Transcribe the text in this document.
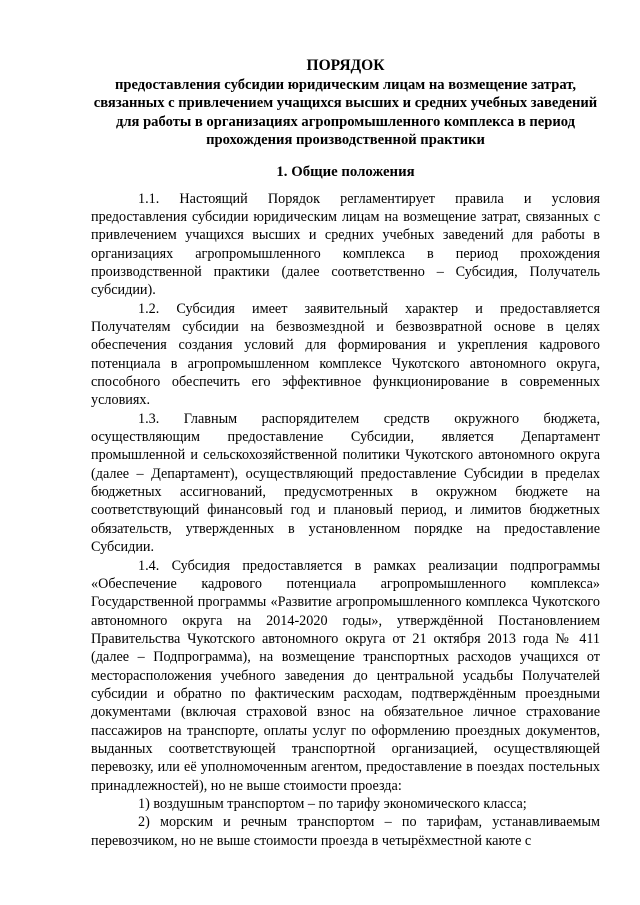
ПОРЯДОК

предоставления субсидии юридическим лицам на возмещение затрат, связанных с привлечением учащихся высших и средних учебных заведений для работы в организациях агропромышленного комплекса в период прохождения производственной практики

1. Общие положения

1.1. Настоящий Порядок регламентирует правила и условия предоставления субсидии юридическим лицам на возмещение затрат, связанных с привлечением учащихся высших и средних учебных заведений для работы в организациях агропромышленного комплекса в период прохождения производственной практики (далее соответственно – Субсидия, Получатель субсидии).

1.2. Субсидия имеет заявительный характер и предоставляется Получателям субсидии на безвозмездной и безвозвратной основе в целях обеспечения создания условий для формирования и укрепления кадрового потенциала в агропромышленном комплексе Чукотского автономного округа, способного обеспечить его эффективное функционирование в современных условиях.

1.3. Главным распорядителем средств окружного бюджета, осуществляющим предоставление Субсидии, является Департамент промышленной и сельскохозяйственной политики Чукотского автономного округа (далее – Департамент), осуществляющий предоставление Субсидии в пределах бюджетных ассигнований, предусмотренных в окружном бюджете на соответствующий финансовый год и плановый период, и лимитов бюджетных обязательств, утвержденных в установленном порядке на предоставление Субсидии.

1.4. Субсидия предоставляется в рамках реализации подпрограммы «Обеспечение кадрового потенциала агропромышленного комплекса» Государственной программы «Развитие агропромышленного комплекса Чукотского автономного округа на 2014-2020 годы», утверждённой Постановлением Правительства Чукотского автономного округа от 21 октября 2013 года № 411 (далее – Подпрограмма), на возмещение транспортных расходов учащихся от месторасположения учебного заведения до центральной усадьбы Получателей субсидии и обратно по фактическим расходам, подтверждённым проездными документами (включая страховой взнос на обязательное личное страхование пассажиров на транспорте, оплаты услуг по оформлению проездных документов, выданных соответствующей транспортной организацией, осуществляющей перевозку, или её уполномоченным агентом, предоставление в поездах постельных принадлежностей), но не выше стоимости проезда:

1) воздушным транспортом – по тарифу экономического класса;

2) морским и речным транспортом – по тарифам, устанавливаемым перевозчиком, но не выше стоимости проезда в четырёхместной каюте с
